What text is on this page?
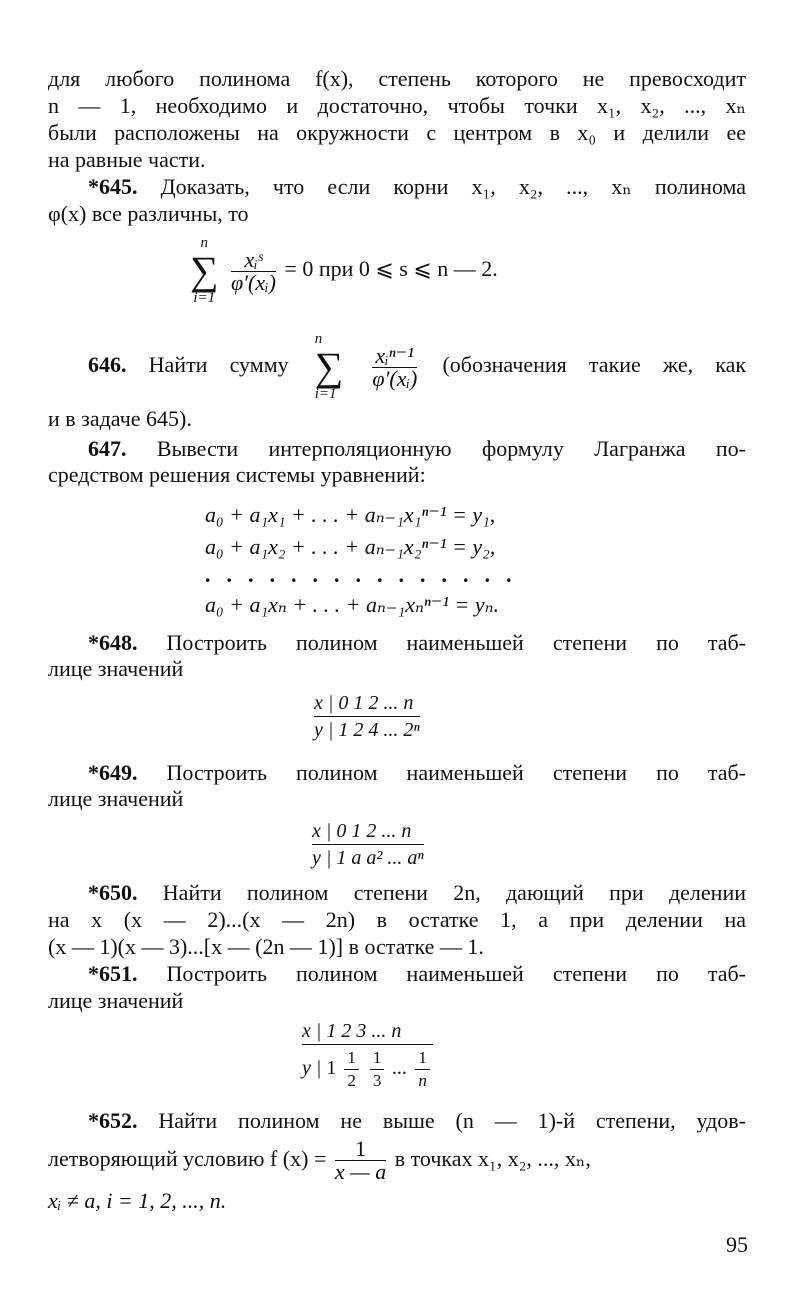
для любого полинома f(x), степень которого не превосходит
n — 1, необходимо и достаточно, чтобы точки x₁, x₂, ..., xₙ
были расположены на окружности с центром в x₀ и делили ее
на равные части.
*645. Доказать, что если корни x₁, x₂, ..., xₙ полинома
φ(x) все различны, то
n
∑
i=1

$\frac{\text{xᵢˢ}}{\text{φ′(xᵢ)}} = 0$ при 0 ⩽ s ⩽ n — 2.
646. Найти сумму
n
∑
i=1

$\frac{\text{xᵢⁿ⁻¹}}{\text{φ′(xᵢ)}}$ (обозначения такие же, как
и в задаче 645).
647. Вывести интерполяционную формулу Лагранжа по-
средством решения системы уравнений:
a₀ + a₁x₁ + . . . + aₙ₋₁x₁ⁿ⁻¹ = y₁,
a₀ + a₁x₂ + . . . + aₙ₋₁x₂ⁿ⁻¹ = y₂,
...............
a₀ + a₁xₙ + . . . + aₙ₋₁xₙⁿ⁻¹ = yₙ.
*648. Построить полином наименьшей степени по таб-
лице значений
x | 0 1 2 ... n
y | 1 2 4 ... 2ⁿ
*649. Построить полином наименьшей степени по таб-
лице значений
x | 0 1 2 ... n
y | 1 a a² ... aⁿ
*650. Найти полином степени 2n, дающий при делении
на x (x — 2)...(x — 2n) в остатке 1, а при делении на
(x — 1)(x — 3)...[x — (2n — 1)] в остатке — 1.
*651. Построить полином наименьшей степени по таб-
лице значений
x | 1 2 3 ... n
y | $1 \frac{1}{2}$
$\frac{1}{3}$ ... $\frac{1}{n}$
*652. Найти полином не выше (n — 1)-й степени, удов-
летворяющий условию f $(x) = \frac{1}{x — a}$ в точках x₁, x₂, ..., xₙ,
xᵢ ≠ a, i = 1, 2, ..., n.
95
